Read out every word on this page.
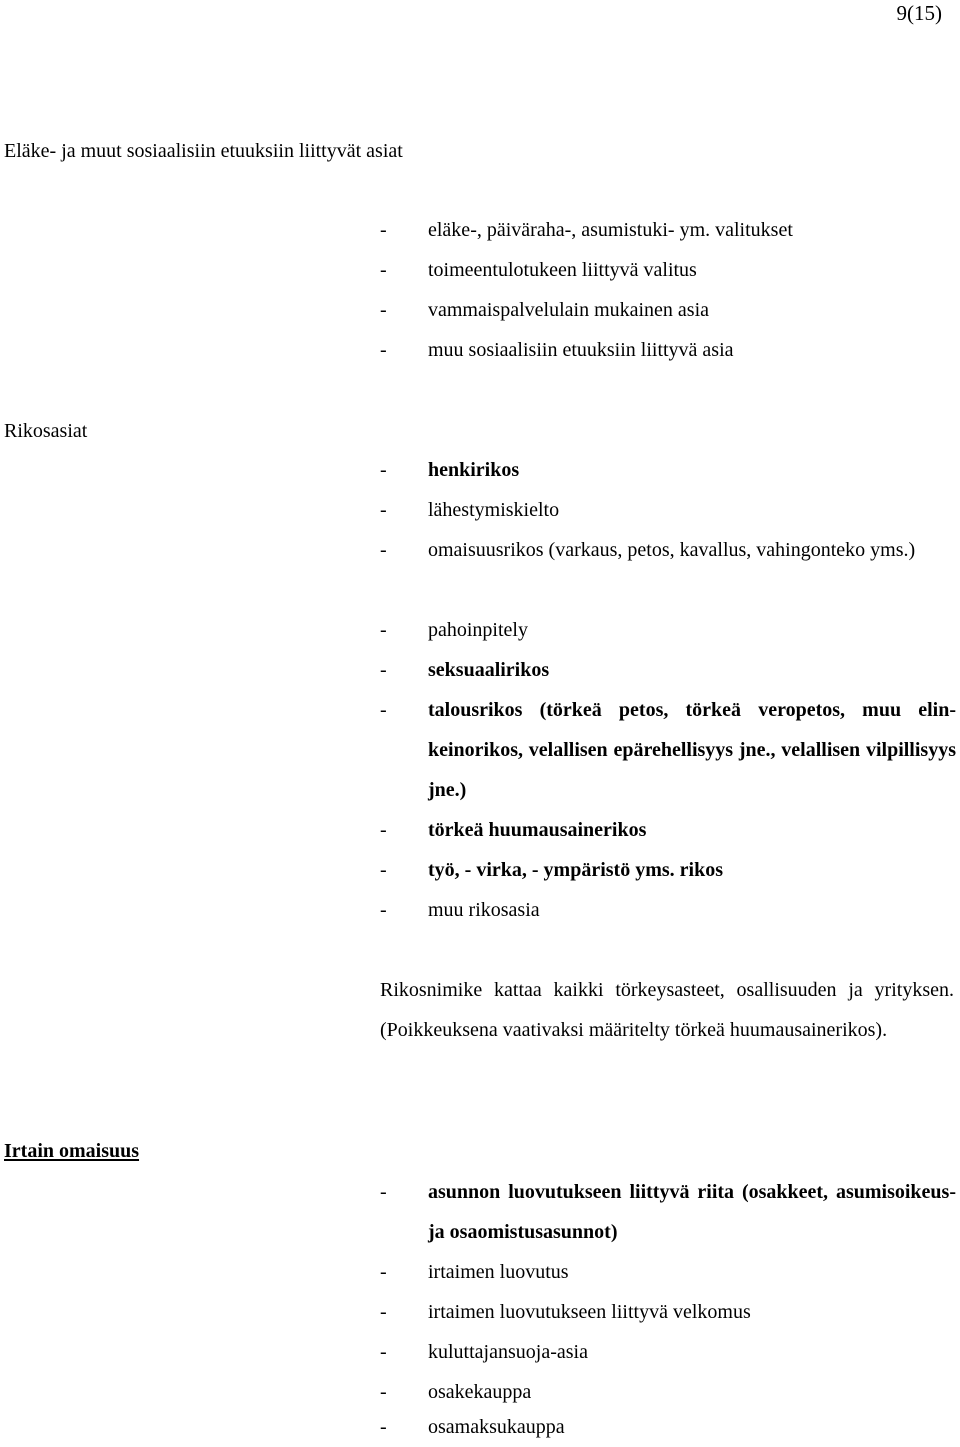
9(15)
Eläke- ja muut sosiaalisiin etuuksiin liittyvät asiat
- eläke-, päiväraha-, asumistuki- ym. valitukset
- toimeentulotukeen liittyvä valitus
- vammaispalvelulain mukainen asia
- muu sosiaalisiin etuuksiin liittyvä asia
Rikosasiat
- henkirikos
- lähestymiskielto
- omaisuusrikos (varkaus, petos, kavallus, vahingonteko yms.)
- pahoinpitely
- seksuaalirikos
- talousrikos (törkeä petos, törkeä veropetos, muu elinkeinorikos, velallisen epärehellisyys jne., velallisen vilpillisyys jne.)
- törkeä huumausainerikos
- työ, - virka, - ympäristö yms. rikos
- muu rikosasia
Rikosnimike kattaa kaikki törkeysasteet, osallisuuden ja yrityksen. (Poikkeuksena vaativaksi määritelty törkeä huumausainerikos).
Irtain omaisuus
- asunnon luovutukseen liittyvä riita (osakkeet, asumisoikeus- ja osaomistusasunnot)
- irtaimen luovutus
- irtaimen luovutukseen liittyvä velkomus
- kuluttajansuoja-asia
- osakekauppa
- osamaksukauppa
